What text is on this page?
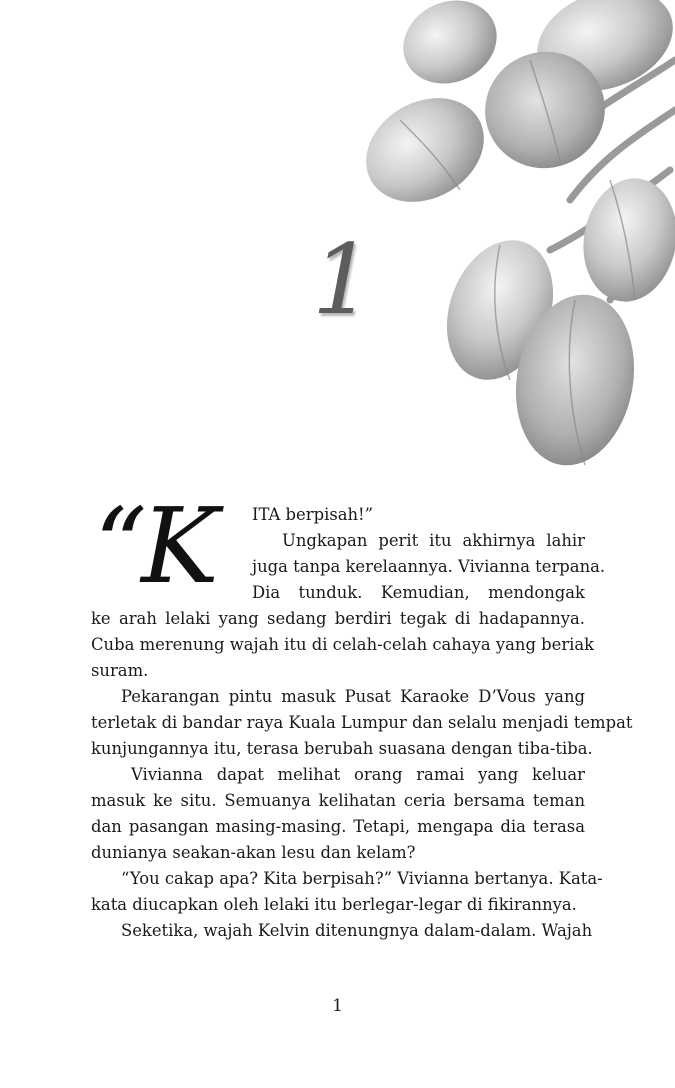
1
“K	ITA berpisah!”
Ungkapan perit itu akhirnya lahir
juga tanpa kerelaannya. Vivianna terpana.
Dia tunduk. Kemudian, mendongak
ke arah lelaki yang sedang berdiri tegak di hadapannya.
Cuba merenung wajah itu di celah-celah cahaya yang beriak
suram.
Pekarangan pintu masuk Pusat Karaoke D’Vous yang
terletak di bandar raya Kuala Lumpur dan selalu menjadi tempat
kunjungannya itu, terasa berubah suasana dengan tiba-tiba.
Vivianna dapat melihat orang ramai yang keluar
masuk ke situ. Semuanya kelihatan ceria bersama teman
dan pasangan masing-masing. Tetapi, mengapa dia terasa
dunianya seakan-akan lesu dan kelam?
“You cakap apa? Kita berpisah?” Vivianna bertanya. Kata-
kata diucapkan oleh lelaki itu berlegar-legar di fikirannya.
Seketika, wajah Kelvin ditenungnya dalam-dalam. Wajah
1
